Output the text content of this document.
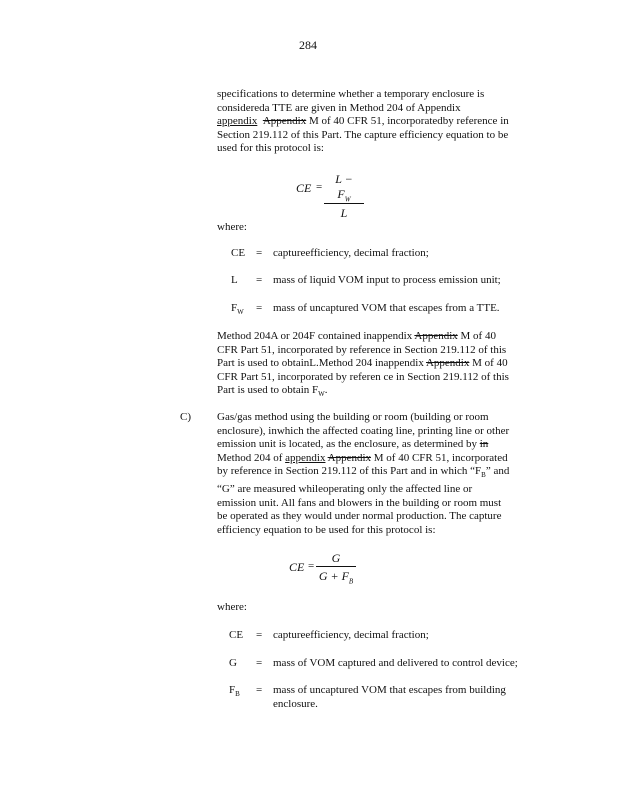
284
specifications to determine whether a temporary enclosure is
considereda TTE are given in Method 204 of Appendix
appendix Appendix M of 40 CFR 51, incorporatedby reference in
Section 219.112 of this Part. The capture efficiency equation to be
used for this protocol is:
CE = $\frac{L - F_W}{L}$
where:
CE = captureefficiency, decimal fraction;
L = mass of liquid VOM input to process emission unit;
$F_W$ = mass of uncaptured VOM that escapes from a TTE.
Method 204A or 204F contained inappendix Appendix M of 40
CFR Part 51, incorporated by reference in Section 219.112 of this
Part is used to obtainL.Method 204 inappendix Appendix M of 40
CFR Part 51, incorporated by referen ce in Section 219.112 of this
Part is used to obtain $F_W$.
C) Gas/gas method using the building or room (building or room
enclosure), inwhich the affected coating line, printing line or other
emission unit is located, as the enclosure, as determined by in
Method 204 of appendix Appendix M of 40 CFR 51, incorporated
by reference in Section 219.112 of this Part and in which “$F_B$” and
“G” are measured whileoperating only the affected line or
emission unit. All fans and blowers in the building or room must
be operated as they would under normal production. The capture
efficiency equation to be used for this protocol is:
CE = $\frac{G}{G + F_B}$
where:
CE = captureefficiency, decimal fraction;
G = mass of VOM captured and delivered to control device;
$F_B$ = mass of uncaptured VOM that escapes from building
enclosure.
